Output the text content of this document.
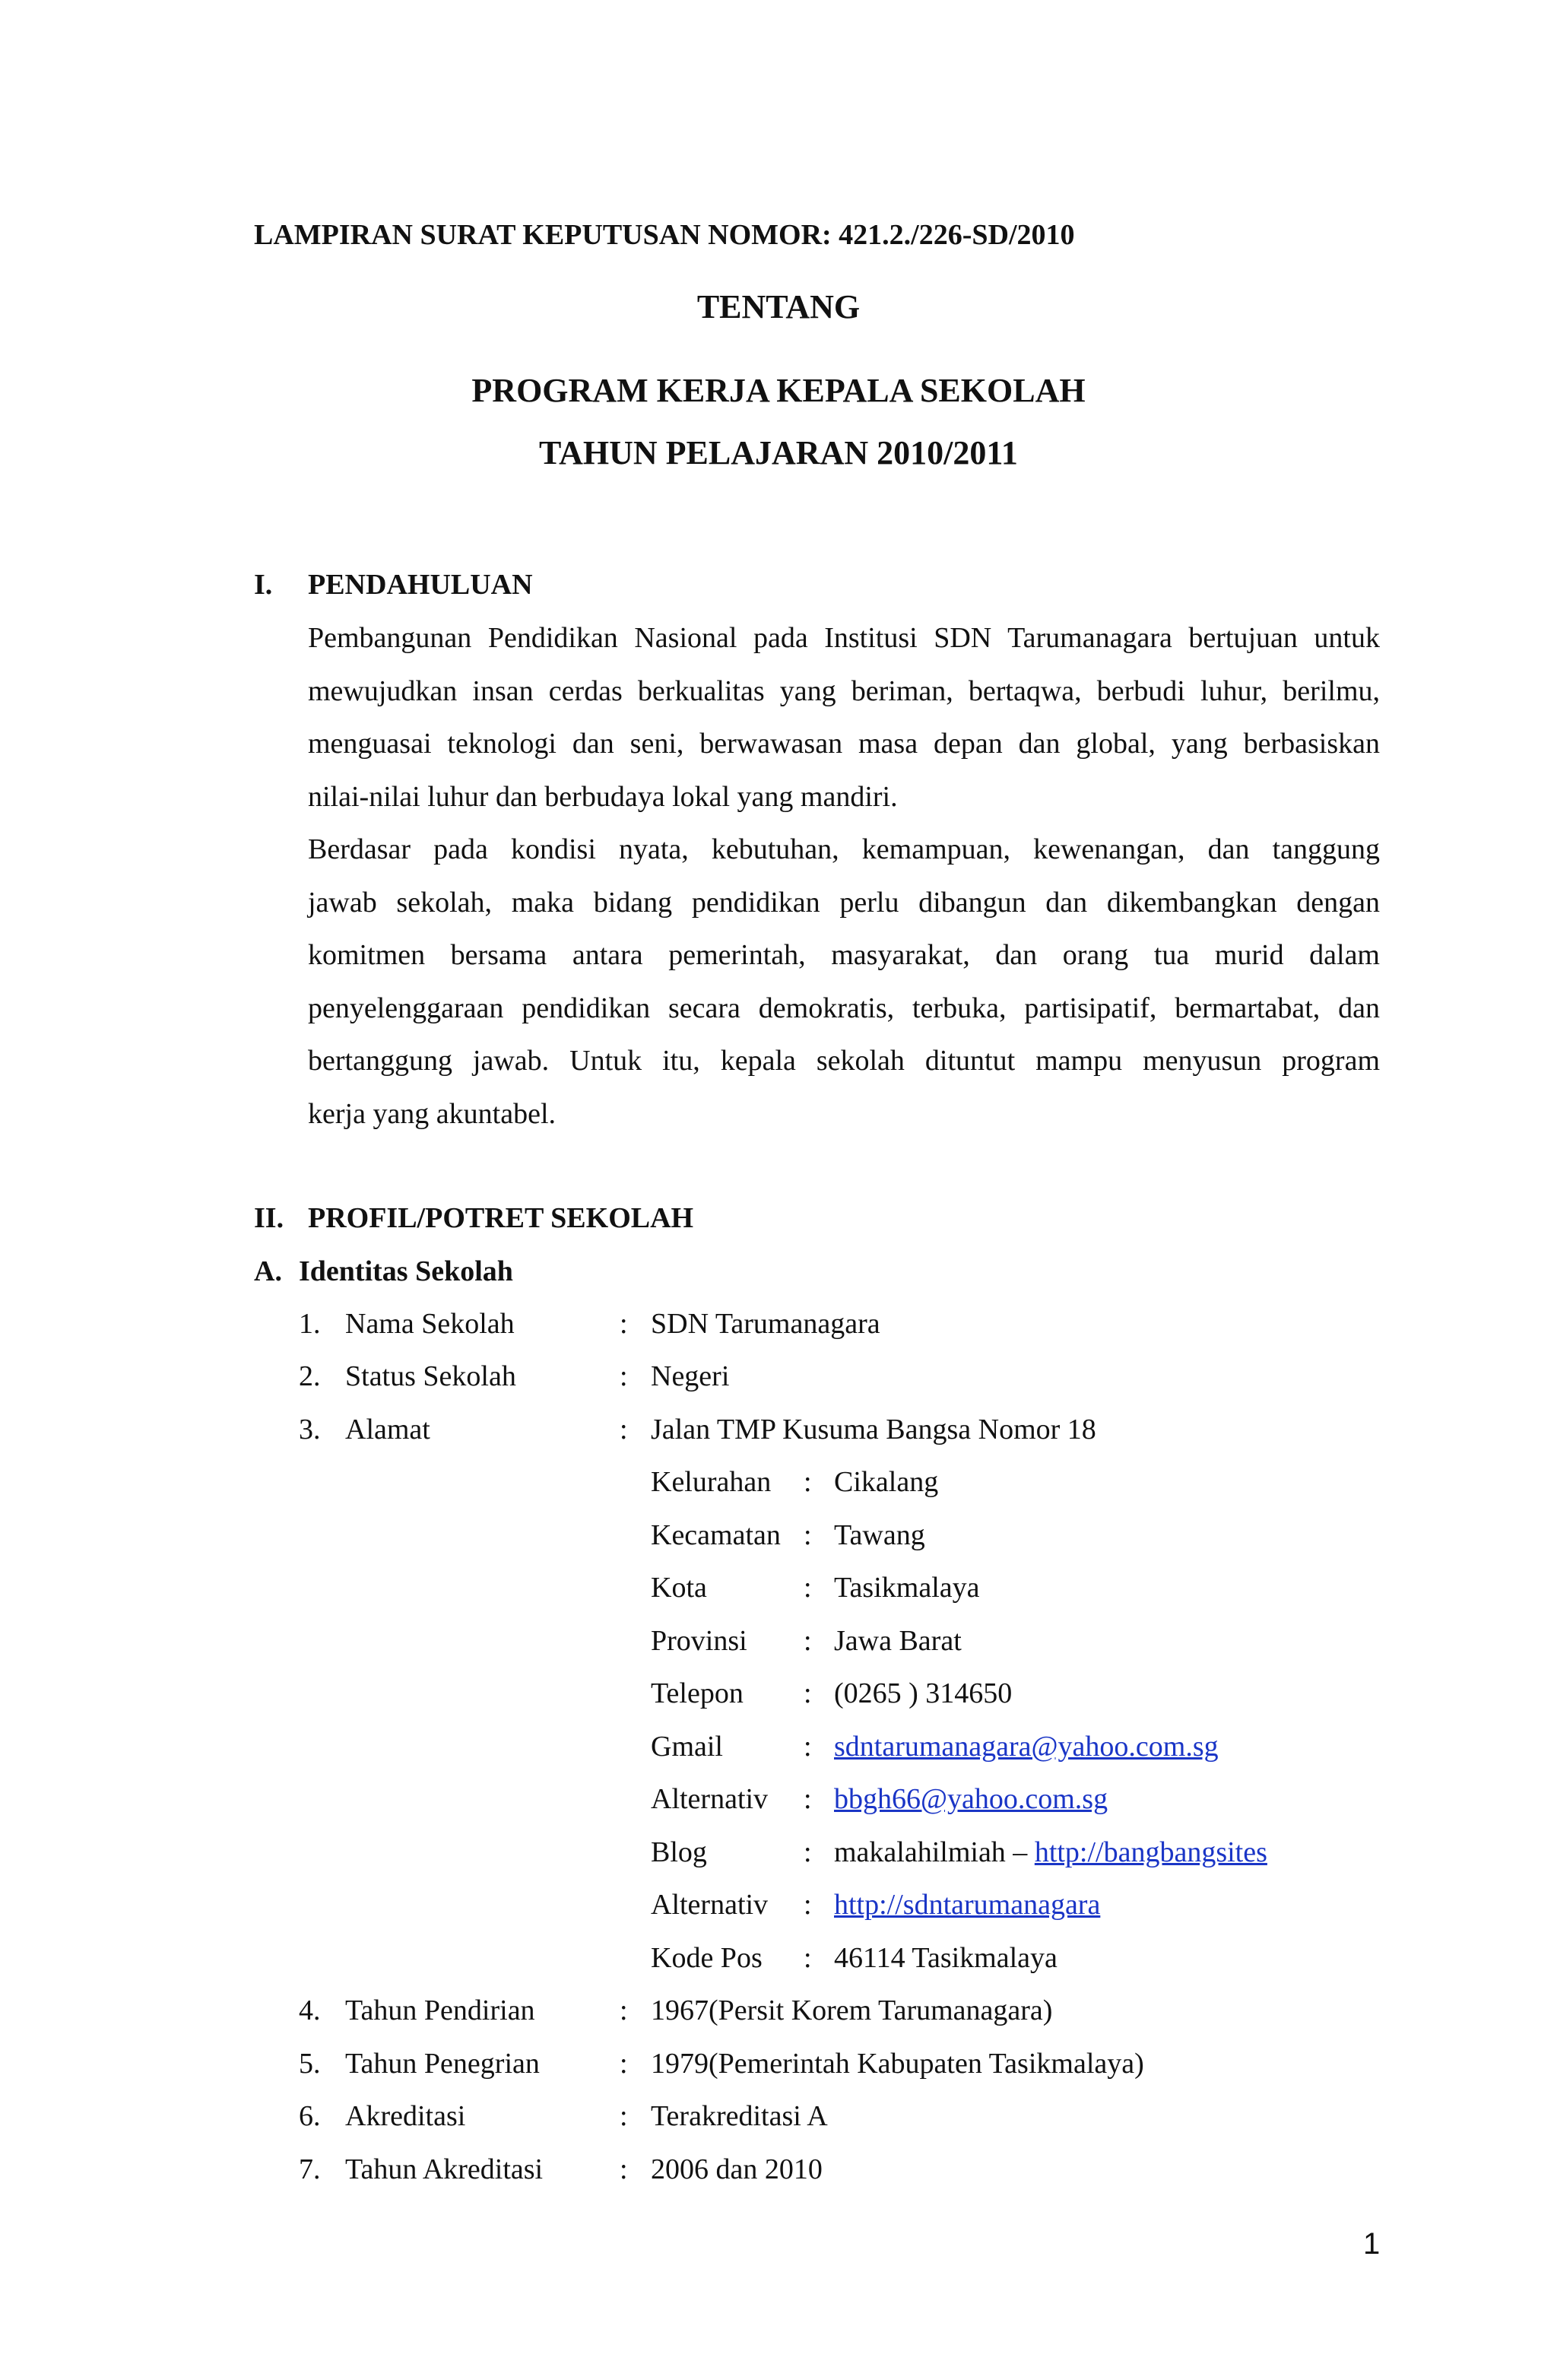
LAMPIRAN SURAT KEPUTUSAN NOMOR: 421.2./226-SD/2010
TENTANG
PROGRAM KERJA KEPALA SEKOLAH
TAHUN PELAJARAN 2010/2011
I. PENDAHULUAN
Pembangunan Pendidikan Nasional pada Institusi SDN Tarumanagara bertujuan untuk
mewujudkan insan cerdas berkualitas yang beriman, bertaqwa, berbudi luhur, berilmu,
menguasai teknologi dan seni, berwawasan masa depan dan global, yang berbasiskan
nilai-nilai luhur dan berbudaya lokal yang mandiri.
Berdasar pada kondisi nyata, kebutuhan, kemampuan, kewenangan, dan tanggung
jawab sekolah, maka bidang pendidikan perlu dibangun dan dikembangkan dengan
komitmen bersama antara pemerintah, masyarakat, dan orang tua murid dalam
penyelenggaraan pendidikan secara demokratis, terbuka, partisipatif, bermartabat, dan
bertanggung jawab. Untuk itu, kepala sekolah dituntut mampu menyusun program
kerja yang akuntabel.
II. PROFIL/POTRET SEKOLAH
A. Identitas Sekolah
1. Nama Sekolah	: SDN Tarumanagara
2. Status Sekolah	: Negeri
3. Alamat	: Jalan TMP Kusuma Bangsa Nomor 18
Kelurahan : Cikalang
Kecamatan : Tawang
Kota	: Tasikmalaya
Provinsi : Jawa Barat
Telepon : (0265 ) 314650
Gmail	: sdntarumanagara@yahoo.com.sg
Alternativ : bbgh66@yahoo.com.sg
Blog	: makalahilmiah – http://bangbangsites
Alternativ : http://sdntarumanagara
Kode Pos : 46114 Tasikmalaya
4. Tahun Pendirian	: 1967(Persit Korem Tarumanagara)
5. Tahun Penegrian	: 1979(Pemerintah Kabupaten Tasikmalaya)
6. Akreditasi	: Terakreditasi A
7. Tahun Akreditasi	: 2006 dan 2010
1
